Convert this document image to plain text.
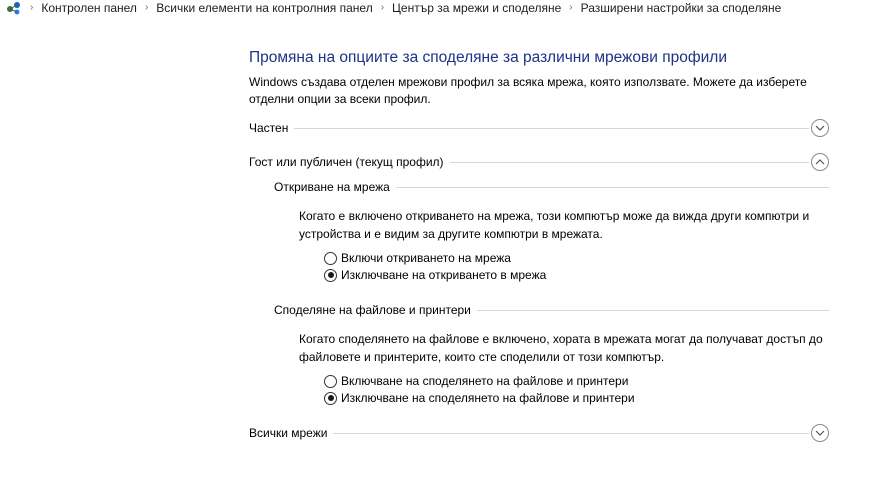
› Контролен панел › Всички елементи на контролния панел › Център за мрежи и споделяне › Разширени настройки за споделяне
Промяна на опциите за споделяне за различни мрежови профили
Windows създава отделен мрежови профил за всяка мрежа, която използвате. Можете да изберете отделни опции за всеки профил.
Частен
Гост или публичен (текущ профил)
Откриване на мрежа
Когато е включено откриването на мрежа, този компютър може да вижда други компютри и устройства и е видим за другите компютри в мрежата.
Включи откриването на мрежа
Изключване на откриването в мрежа
Споделяне на файлове и принтери
Когато споделянето на файлове е включено, хората в мрежата могат да получават достъп до файловете и принтерите, които сте споделили от този компютър.
Включване на споделянето на файлове и принтери
Изключване на споделянето на файлове и принтери
Всички мрежи
